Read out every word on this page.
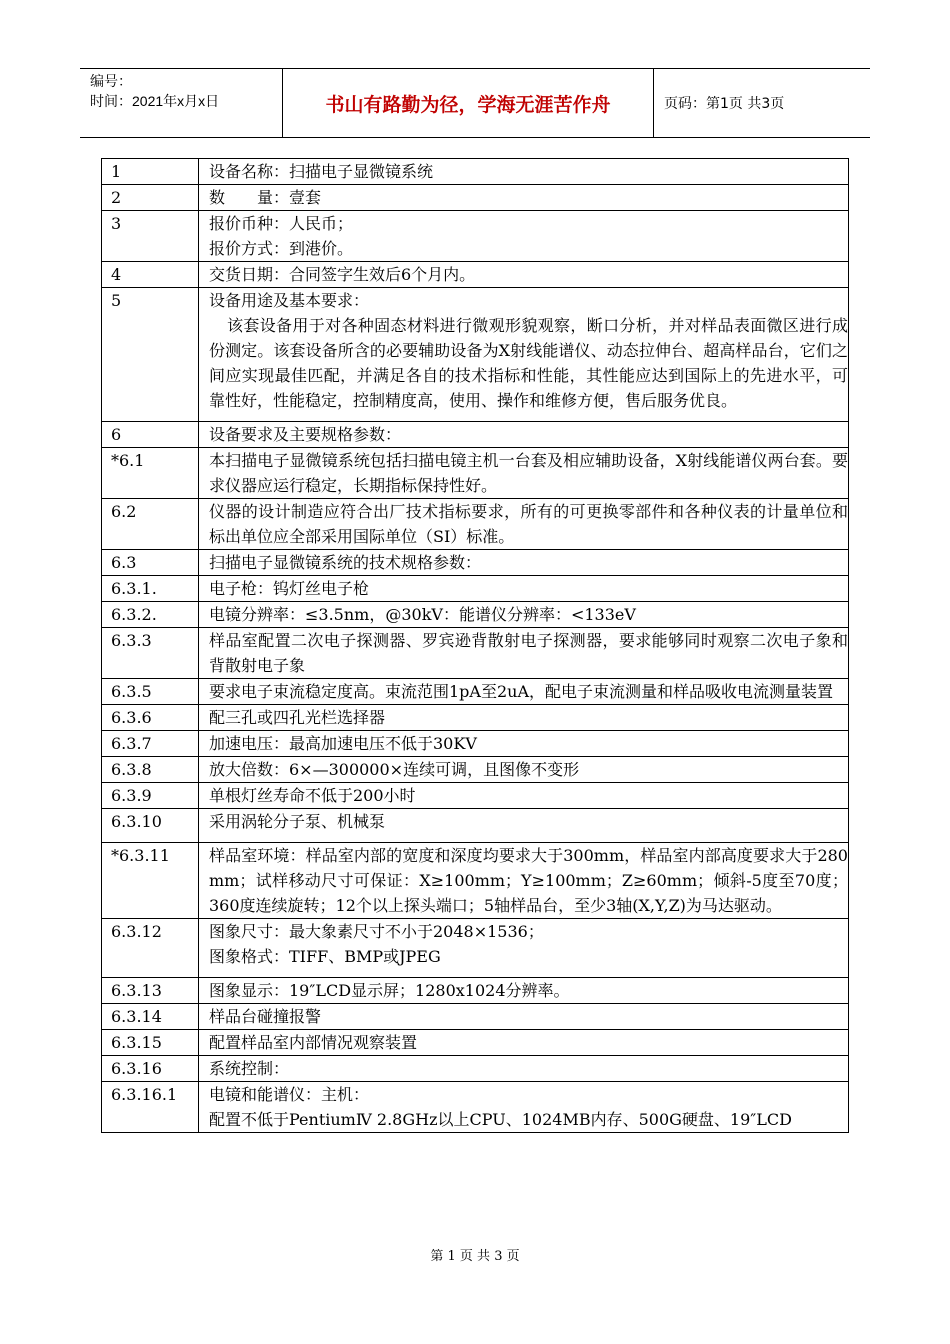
编号：
时间：2021年x月x日	书山有路勤为径，学海无涯苦作舟	页码：第1页 共3页
1	设备名称：扫描电子显微镜系统

2	数　　量：壹套

3	报价币种：人民币；
报价方式：到港价。

4	交货日期：合同签字生效后6个月内。

5	设备用途及基本要求：
该套设备用于对各种固态材料进行微观形貌观察，断口分析，并对样品表面微区进行成份测定。该套设备所含的必要辅助设备为X射线能谱仪、动态拉伸台、超高样品台，它们之间应实现最佳匹配，并满足各自的技术指标和性能，其性能应达到国际上的先进水平，可靠性好，性能稳定，控制精度高，使用、操作和维修方便，售后服务优良。

6	设备要求及主要规格参数：

*6.1	本扫描电子显微镜系统包括扫描电镜主机一台套及相应辅助设备，X射线能谱仪两台套。要求仪器应运行稳定，长期指标保持性好。

6.2	仪器的设计制造应符合出厂技术指标要求，所有的可更换零部件和各种仪表的计量单位和标出单位应全部采用国际单位（SI）标准。

6.3	扫描电子显微镜系统的技术规格参数：

6.3.1.	电子枪：钨灯丝电子枪

6.3.2.	电镜分辨率：≤3.5nm，@30kV：能谱仪分辨率：<133eV

6.3.3	样品室配置二次电子探测器、罗宾逊背散射电子探测器，要求能够同时观察二次电子象和背散射电子象

6.3.5	要求电子束流稳定度高。束流范围1pA至2uA，配电子束流测量和样品吸收电流测量装置

6.3.6	配三孔或四孔光栏选择器

6.3.7	加速电压：最高加速电压不低于30KV

6.3.8	放大倍数：6×—300000×连续可调，且图像不变形

6.3.9	单根灯丝寿命不低于200小时

6.3.10	采用涡轮分子泵、机械泵

*6.3.11	样品室环境：样品室内部的宽度和深度均要求大于300mm，样品室内部高度要求大于280mm；试样移动尺寸可保证：X≥100mm；Y≥100mm；Z≥60mm；倾斜-5度至70度；360度连续旋转；12个以上探头端口；5轴样品台，至少3轴(X,Y,Z)为马达驱动。

6.3.12	图象尺寸：最大象素尺寸不小于2048×1536；
图象格式：TIFF、BMP或JPEG

6.3.13	图象显示：19″LCD显示屏；1280x1024分辨率。

6.3.14	样品台碰撞报警

6.3.15	配置样品室内部情况观察装置

6.3.16	系统控制：

6.3.16.1	电镜和能谱仪：主机：
配置不低于PentiumⅣ 2.8GHz以上CPU、1024MB内存、500G硬盘、19″LCD
第 1 页 共 3 页
